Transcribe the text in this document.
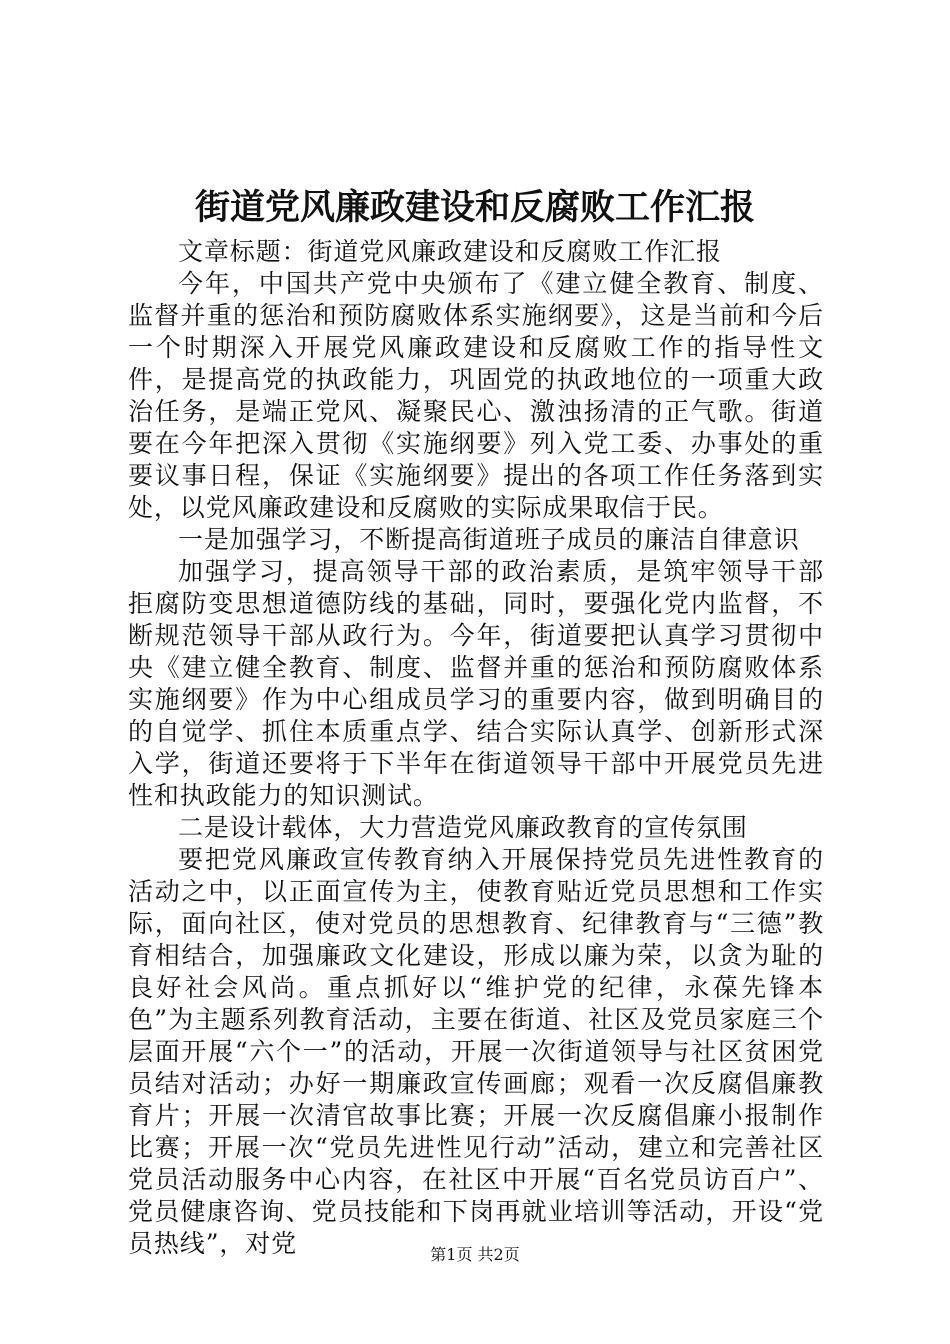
街道党风廉政建设和反腐败工作汇报

文章标题：街道党风廉政建设和反腐败工作汇报

今年，中国共产党中央颁布了《建立健全教育、制度、监督并重的惩治和预防腐败体系实施纲要》，这是当前和今后一个时期深入开展党风廉政建设和反腐败工作的指导性文件，是提高党的执政能力，巩固党的执政地位的一项重大政治任务，是端正党风、凝聚民心、激浊扬清的正气歌。街道要在今年把深入贯彻《实施纲要》列入党工委、办事处的重要议事日程，保证《实施纲要》提出的各项工作任务落到实处，以党风廉政建设和反腐败的实际成果取信于民。

一是加强学习，不断提高街道班子成员的廉洁自律意识

加强学习，提高领导干部的政治素质，是筑牢领导干部拒腐防变思想道德防线的基础，同时，要强化党内监督，不断规范领导干部从政行为。今年，街道要把认真学习贯彻中央《建立健全教育、制度、监督并重的惩治和预防腐败体系实施纲要》作为中心组成员学习的重要内容，做到明确目的的自觉学、抓住本质重点学、结合实际认真学、创新形式深入学，街道还要将于下半年在街道领导干部中开展党员先进性和执政能力的知识测试。

二是设计载体，大力营造党风廉政教育的宣传氛围

要把党风廉政宣传教育纳入开展保持党员先进性教育的活动之中，以正面宣传为主，使教育贴近党员思想和工作实际，面向社区，使对党员的思想教育、纪律教育与“三德”教育相结合，加强廉政文化建设，形成以廉为荣，以贪为耻的良好社会风尚。重点抓好以“维护党的纪律，永葆先锋本色”为主题系列教育活动，主要在街道、社区及党员家庭三个层面开展“六个一”的活动，开展一次街道领导与社区贫困党员结对活动；办好一期廉政宣传画廊；观看一次反腐倡廉教育片；开展一次清官故事比赛；开展一次反腐倡廉小报制作比赛；开展一次“党员先进性见行动”活动，建立和完善社区党员活动服务中心内容，在社区中开展“百名党员访百户”、党员健康咨询、党员技能和下岗再就业培训等活动，开设“党员热线”，对党	第1页 共2页
